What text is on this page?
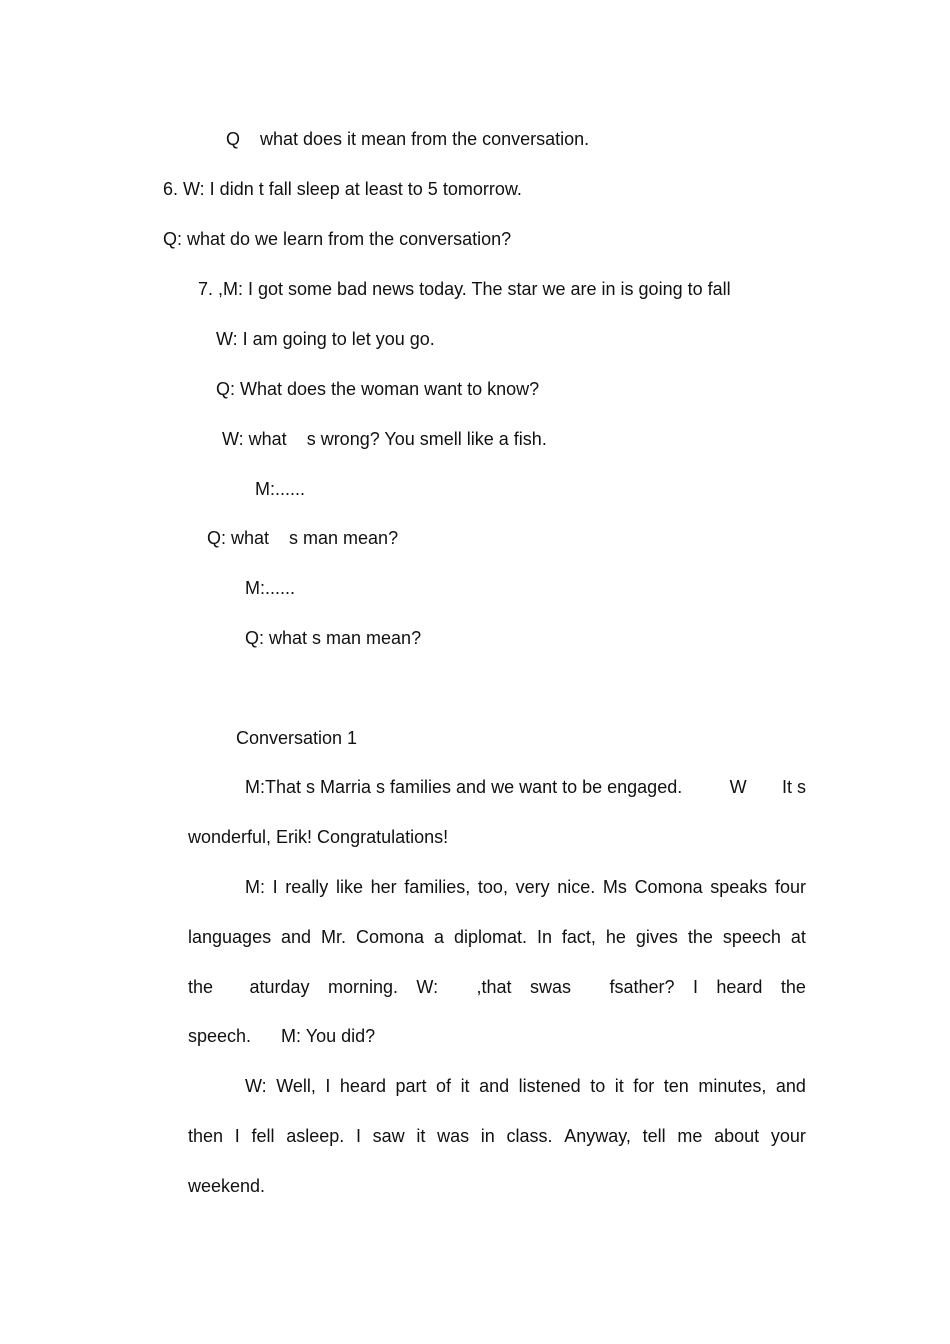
Q    what does it mean from the conversation.

6. W: I didn t fall sleep at least to 5 tomorrow.

Q: what do we learn from the conversation?

7. ,M: I got some bad news today. The star we are in is going to fall

W: I am going to let you go.

Q: What does the woman want to know?

W: what    s wrong? You smell like a fish.

M:......

Q: what    s man mean?

M:......

Q: what s man mean?

Conversation 1

M:That s Marria s families and we want to be engaged.	W It s

wonderful, Erik! Congratulations!

M: I really like her families, too, very nice. Ms Comona speaks four
languages and Mr. Comona a diplomat. In fact, he gives the speech at
the aturday morning. W: ,that swas fsather? I heard the

speech.      M: You did?

W: Well, I heard part of it and listened to it for ten minutes, and
then I fell asleep. I saw it was in class. Anyway, tell me about your

weekend.
